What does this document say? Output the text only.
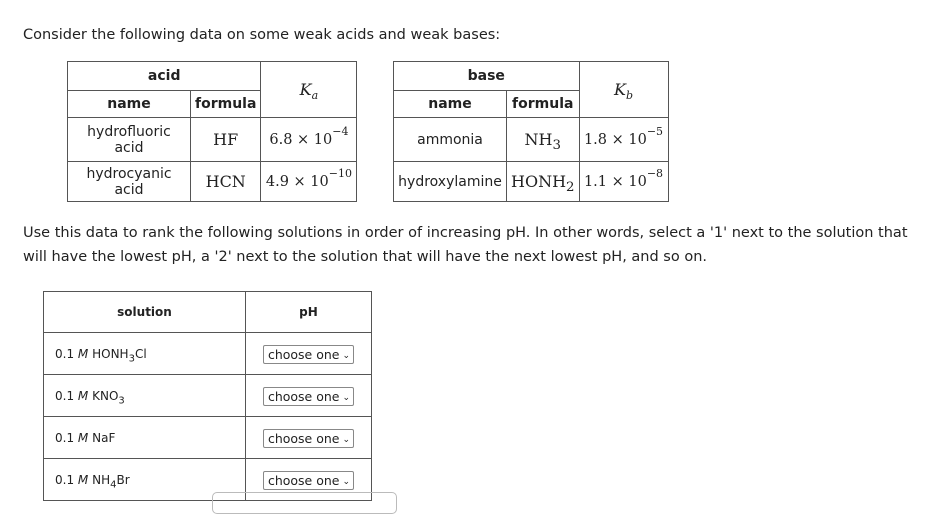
Consider the following data on some weak acids and weak bases:
acid		$K_a$
name	formula	
hydrofluoric acid	HF	$6.8 \times 10^{-4}$
hydrocyanic acid	HCN	$4.9 \times 10^{-10}$
base		$K_b$
name	formula	
ammonia	$NH_3$	$1.8 \times 10^{-5}$
hydroxylamine	$HONH_2$	$1.1 \times 10^{-8}$
Use this data to rank the following solutions in order of increasing pH. In other words, select a '1' next to the solution that will have the lowest pH, a '2' next to the solution that will have the next lowest pH, and so on.
solution	pH
0.1 M $HONH_3Cl$	choose one ⌄
0.1 M $KNO_3$	choose one ⌄
0.1 M NaF	choose one ⌄
0.1 M $NH_4Br$	choose one ⌄
